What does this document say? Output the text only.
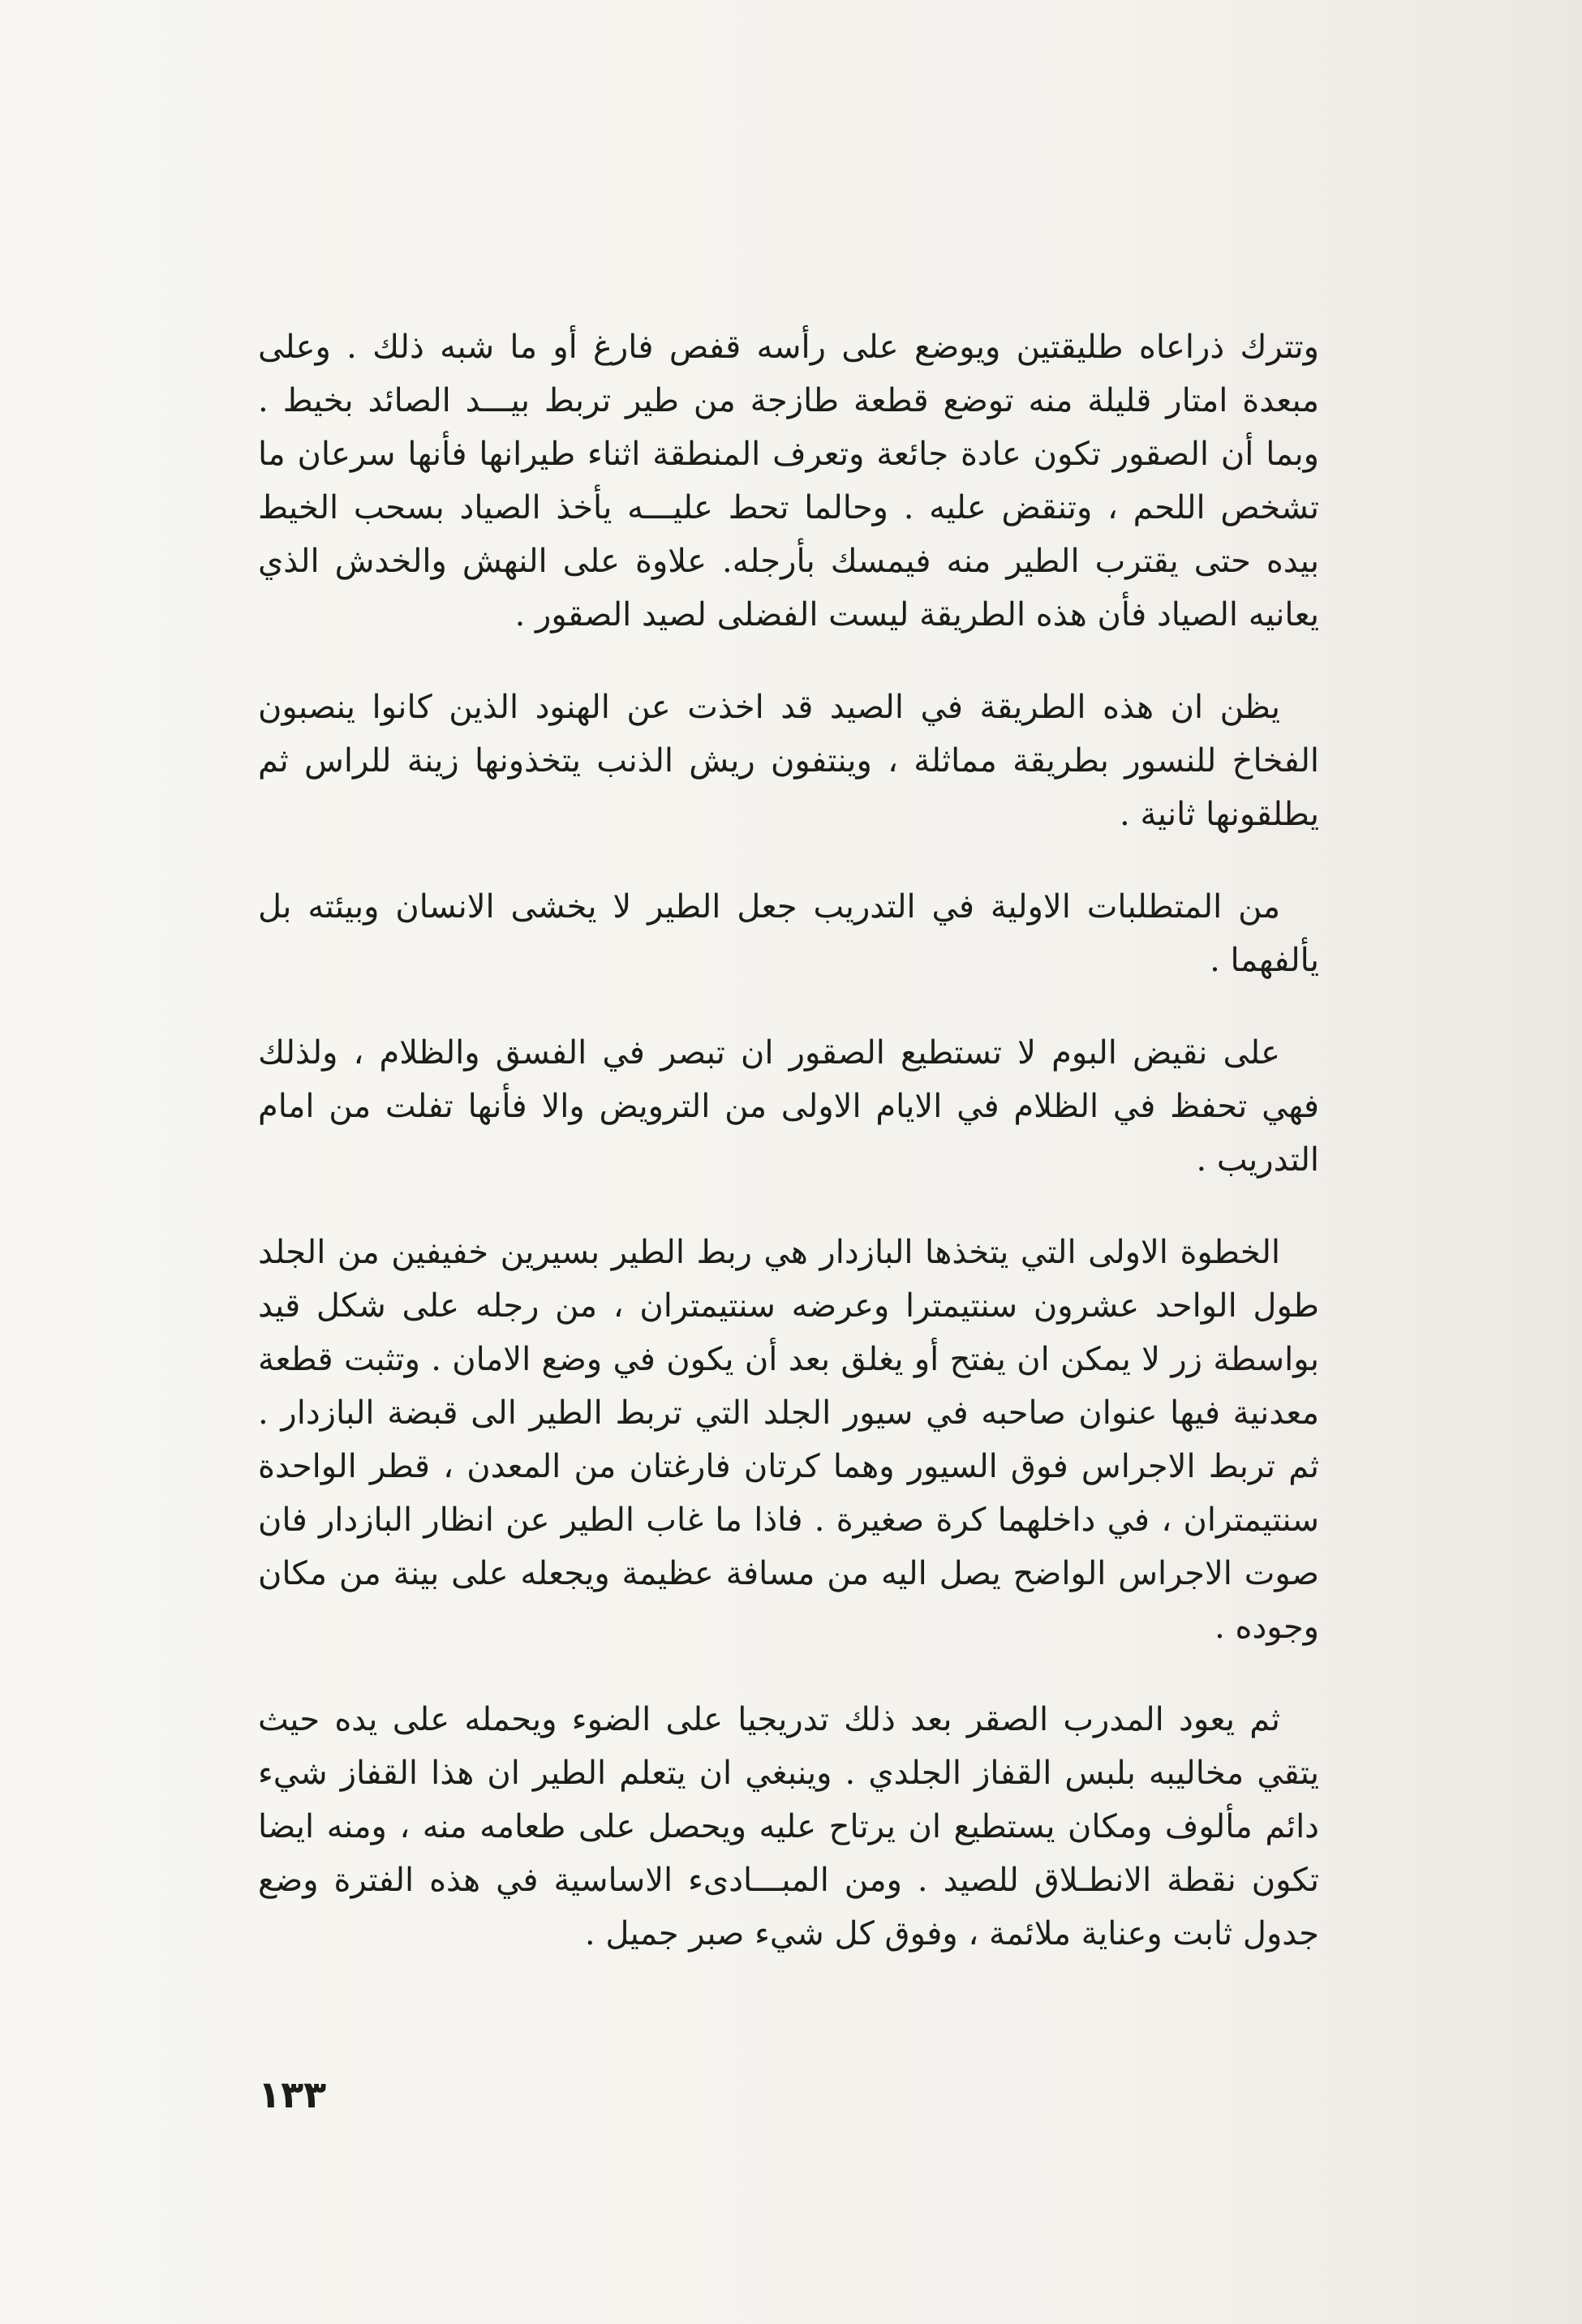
وتترك ذراعاه طليقتين ويوضع على رأسه قفص فارغ أو ما شبه ذلك . وعلى مبعدة امتار قليلة منه توضع قطعة طازجة من طير تربط بيـــد الصائد بخيط . وبما أن الصقور تكون عادة جائعة وتعرف المنطقة اثناء طيرانها فأنها سرعان ما تشخص اللحم ، وتنقض عليه . وحالما تحط عليـــه يأخذ الصياد بسحب الخيط بيده حتى يقترب الطير منه فيمسك بأرجله. علاوة على النهش والخدش الذي يعانيه الصياد فأن هذه الطريقة ليست الفضلى لصيد الصقور .

يظن ان هذه الطريقة في الصيد قد اخذت عن الهنود الذين كانوا ينصبون الفخاخ للنسور بطريقة مماثلة ، وينتفون ريش الذنب يتخذونها زينة للراس ثم يطلقونها ثانية .

من المتطلبات الاولية في التدريب جعل الطير لا يخشى الانسان وبيئته بل يألفهما .

على نقيض البوم لا تستطيع الصقور ان تبصر في الفسق والظلام ، ولذلك فهي تحفظ في الظلام في الايام الاولى من الترويض والا فأنها تفلت من امام التدريب .

الخطوة الاولى التي يتخذها البازدار هي ربط الطير بسيرين خفيفين من الجلد طول الواحد عشرون سنتيمترا وعرضه سنتيمتران ، من رجله على شكل قيد بواسطة زر لا يمكن ان يفتح أو يغلق بعد أن يكون في وضع الامان . وتثبت قطعة معدنية فيها عنوان صاحبه في سيور الجلد التي تربط الطير الى قبضة البازدار . ثم تربط الاجراس فوق السيور وهما كرتان فارغتان من المعدن ، قطر الواحدة سنتيمتران ، في داخلهما كرة صغيرة . فاذا ما غاب الطير عن انظار البازدار فان صوت الاجراس الواضح يصل اليه من مسافة عظيمة ويجعله على بينة من مكان وجوده .

ثم يعود المدرب الصقر بعد ذلك تدريجيا على الضوء ويحمله على يده حيث يتقي مخاليبه بلبس القفاز الجلدي . وينبغي ان يتعلم الطير ان هذا القفاز شيء دائم مألوف ومكان يستطيع ان يرتاح عليه ويحصل على طعامه منه ، ومنه ايضا تكون نقطة الانطـلاق للصيد . ومن المبـــادىء الاساسية في هذه الفترة وضع جدول ثابت وعناية ملائمة ، وفوق كل شيء صبر جميل .

١٣٣
